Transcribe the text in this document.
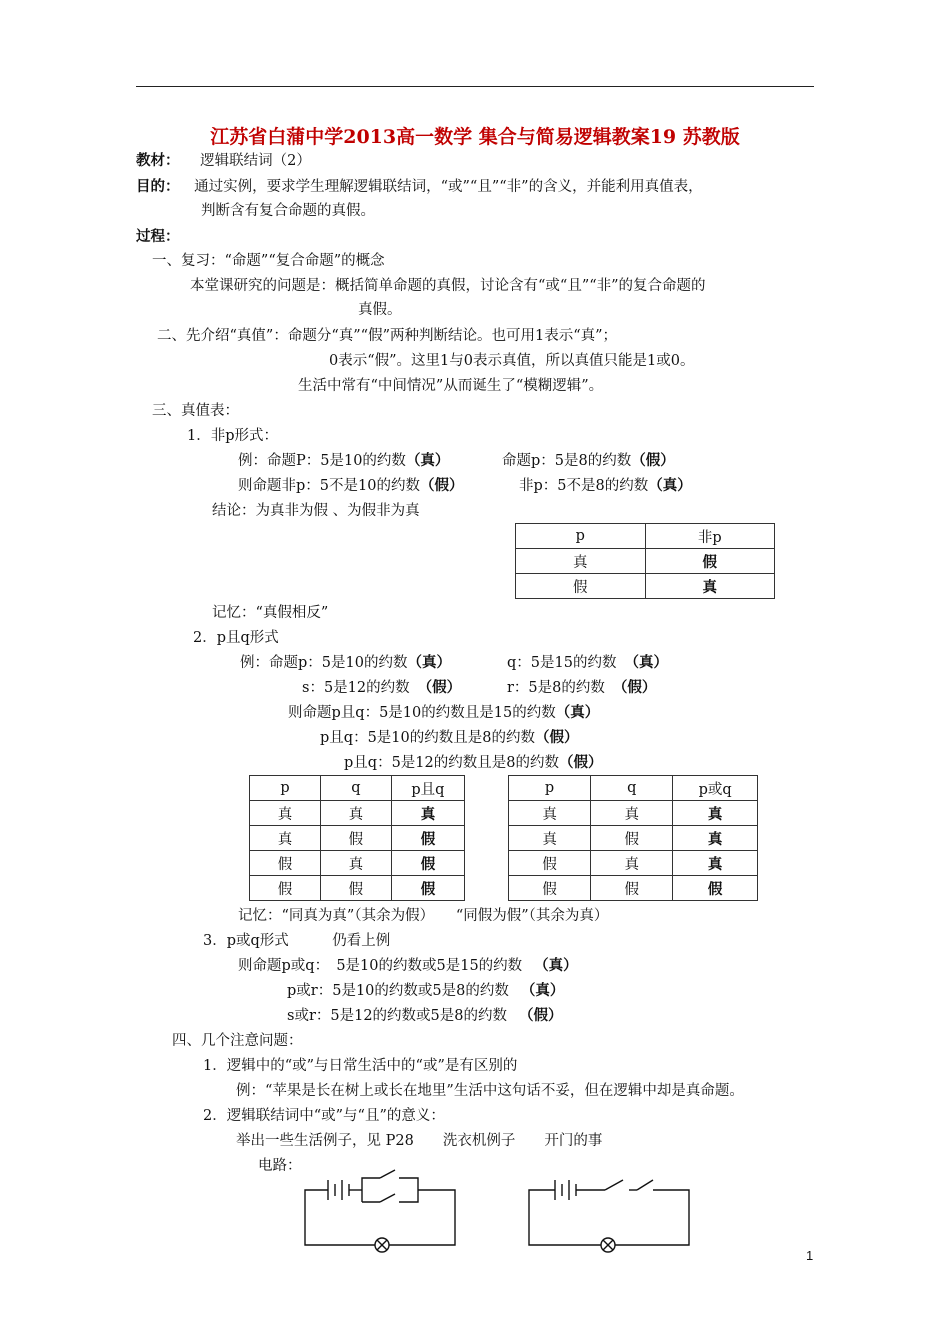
江苏省白蒲中学2013高一数学 集合与简易逻辑教案19 苏教版
教材： 逻辑联结词（2）
目的： 通过实例，要求学生理解逻辑联结词，“或”“且”“非”的含义，并能利用真值表，
判断含有复合命题的真假。
过程：
一、复习：“命题”“复合命题”的概念
本堂课研究的问题是：概括简单命题的真假，讨论含有“或“且”“非”的复合命题的
真假。
二、先介绍“真值”：命题分“真”“假”两种判断结论。也可用1表示“真”；
0表示“假”。这里1与0表示真值，所以真值只能是1或0。
生活中常有“中间情况”从而诞生了“模糊逻辑”。
三、真值表：
1．非p形式：
例：命题P：5是10的约数（真）	命题p：5是8的约数（假）
则命题非p：5不是10的约数（假）	非p：5不是8的约数（真）
结论：为真非为假 、为假非为真
p	非p
真	假
假	真
记忆：“真假相反”
2．p且q形式
例：命题p：5是10的约数（真）	q：5是15的约数 （真）
s：5是12的约数 （假）	r：5是8的约数 （假）
则命题p且q：5是10的约数且是15的约数（真）
p且q：5是10的约数且是8的约数（假）
p且q：5是12的约数且是8的约数（假）
p	q	p且q
真	真	真
真	假	假
假	真	假
假	假	假
p	q	p或q
真	真	真
真	假	真
假	真	真
假	假	假
记忆：“同真为真”（其余为假）　　“同假为假”（其余为真）
3．p或q形式　　　仍看上例
则命题p或q：　5是10的约数或5是15的约数 （真）
p或r：5是10的约数或5是8的约数 （真）
s或r：5是12的约数或5是8的约数 （假）
四、几个注意问题：
1．逻辑中的“或”与日常生活中的“或”是有区别的
例：“苹果是长在树上或长在地里”生活中这句话不妥，但在逻辑中却是真命题。
2．逻辑联结词中“或”与“且”的意义：
举出一些生活例子，见 P28　　洗衣机例子　　开门的事
电路：
1
